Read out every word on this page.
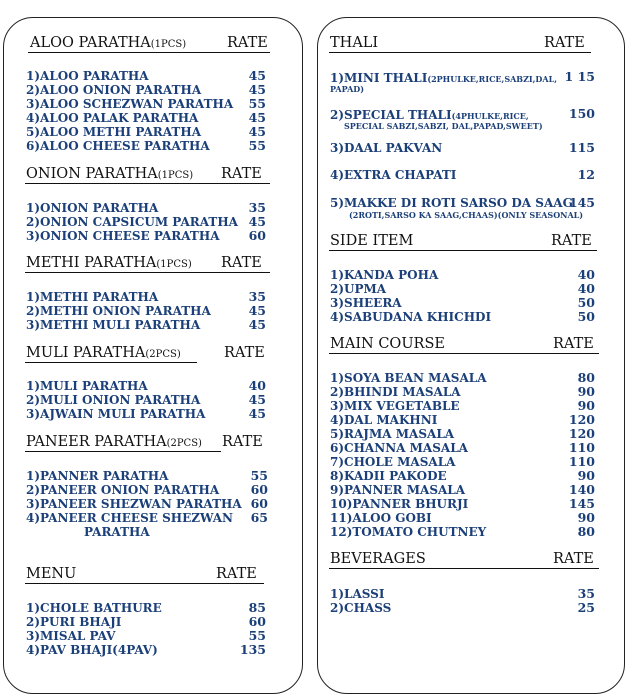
ALOO PARATHA(1PCS)	RATE
1)ALOO PARATHA	45
2)ALOO ONION PARATHA	45
3)ALOO SCHEZWAN PARATHA	55
4)ALOO PALAK PARATHA	45
5)ALOO METHI PARATHA	45
6)ALOO CHEESE PARATHA	55
ONION PARATHA(1PCS) RATE
1)ONION PARATHA	35
2)ONION CAPSICUM PARATHA 45
3)ONION CHEESE PARATHA	60
METHI PARATHA(1PCS) RATE
1)METHI PARATHA	35
2)METHI ONION PARATHA	45
3)METHI MULI PARATHA	45
MULI PARATHA(2PCS)	RATE
1)MULI PARATHA	40
2)MULI ONION PARATHA	45
3)AJWAIN MULI PARATHA	45
PANEER PARATHA(2PCS) RATE
1)PANNER PARATHA	55
2)PANEER ONION PARATHA	60
3)PANEER SHEZWAN PARATHA 60
4)PANEER CHEESE SHEZWAN	65
PARATHA
MENU	RATE
1)CHOLE BATHURE	85
2)PURI BHAJI	60
3)MISAL PAV	55
4)PAV BHAJI(4PAV)	135
THALI	RATE
1)MINI THALI(2PHULKE,RICE,SABZI,DAL, 1 15
PAPAD)
2)SPECIAL THALI(4PHULKE,RICE,	150
SPECIAL SABZI,SABZI, DAL,PAPAD,SWEET)
3)DAAL PAKVAN	115
4)EXTRA CHAPATI	12
5)MAKKE DI ROTI SARSO DA SAAG
145
(2ROTI,SARSO KA SAAG,CHAAS)(ONLY SEASONAL)
SIDE ITEM	RATE
1)KANDA POHA	40
2)UPMA	40
3)SHEERA	50
4)SABUDANA KHICHDI	50
MAIN COURSE	RATE
1)SOYA BEAN MASALA	80
2)BHINDI MASALA	90
3)MIX VEGETABLE	90
4)DAL MAKHNI	120
5)RAJMA MASALA	120
6)CHANNA MASALA	110
7)CHOLE MASALA	110
8)KADII PAKODE	90
9)PANNER MASALA	140
10)PANNER BHURJI	145
11)ALOO GOBI	90
12)TOMATO CHUTNEY	80
BEVERAGES	RATE
1)LASSI	35
2)CHASS	25
